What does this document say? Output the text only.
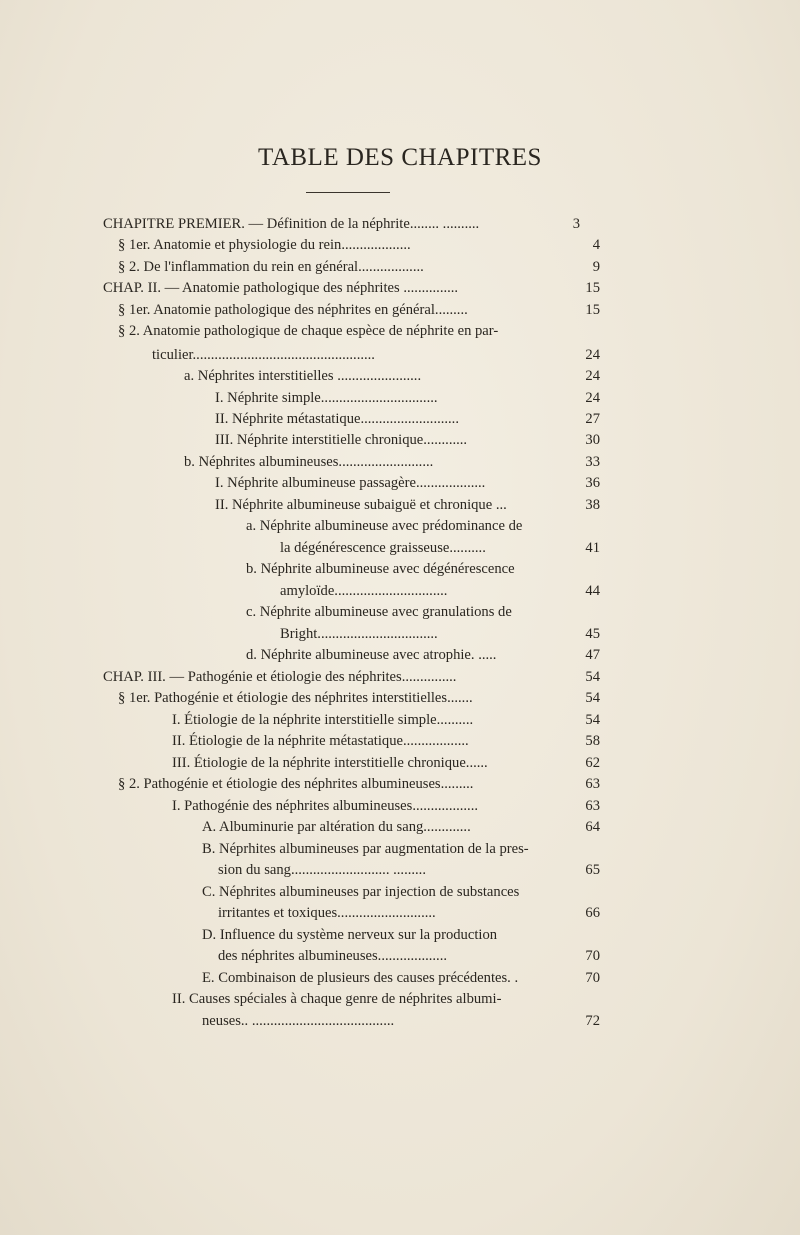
TABLE DES CHAPITRES
CHAPITRE PREMIER. — Définition de la néphrite........ ..........	3
§ 1er. Anatomie et physiologie du rein...................	4
§ 2. De l'inflammation du rein en général..................	9
CHAP. II. — Anatomie pathologique des néphrites ...............	15
§ 1er. Anatomie pathologique des néphrites en général.........	15
§ 2. Anatomie pathologique de chaque espèce de néphrite en par-
ticulier..................................................	24
a. Néphrites interstitielles .......................	24
I. Néphrite simple................................	24
II. Néphrite métastatique...........................	27
III. Néphrite interstitielle chronique............	30
b. Néphrites albumineuses..........................	33
I. Néphrite albumineuse passagère...................	36
II. Néphrite albumineuse subaiguë et chronique ...	38
a. Néphrite albumineuse avec prédominance de
la dégénérescence graisseuse..........	41
b. Néphrite albumineuse avec dégénérescence
amyloïde...............................	44
c. Néphrite albumineuse avec granulations de
Bright.................................	45
d. Néphrite albumineuse avec atrophie. .....	47
CHAP. III. — Pathogénie et étiologie des néphrites...............	54
§ 1er. Pathogénie et étiologie des néphrites interstitielles.......	54
I. Étiologie de la néphrite interstitielle simple..........	54
II. Étiologie de la néphrite métastatique..................	58
III. Étiologie de la néphrite interstitielle chronique......	62
§ 2. Pathogénie et étiologie des néphrites albumineuses.........	63
I. Pathogénie des néphrites albumineuses..................	63
A. Albuminurie par altération du sang.............	64
B. Néprhites albumineuses par augmentation de la pres-
sion du sang........................... .........	65
C. Néphrites albumineuses par injection de substances
irritantes et toxiques...........................	66
D. Influence du système nerveux sur la production
des néphrites albumineuses...................	70
E. Combinaison de plusieurs des causes précédentes. .	70
II. Causes spéciales à chaque genre de néphrites albumi-
neuses.. .......................................	72
